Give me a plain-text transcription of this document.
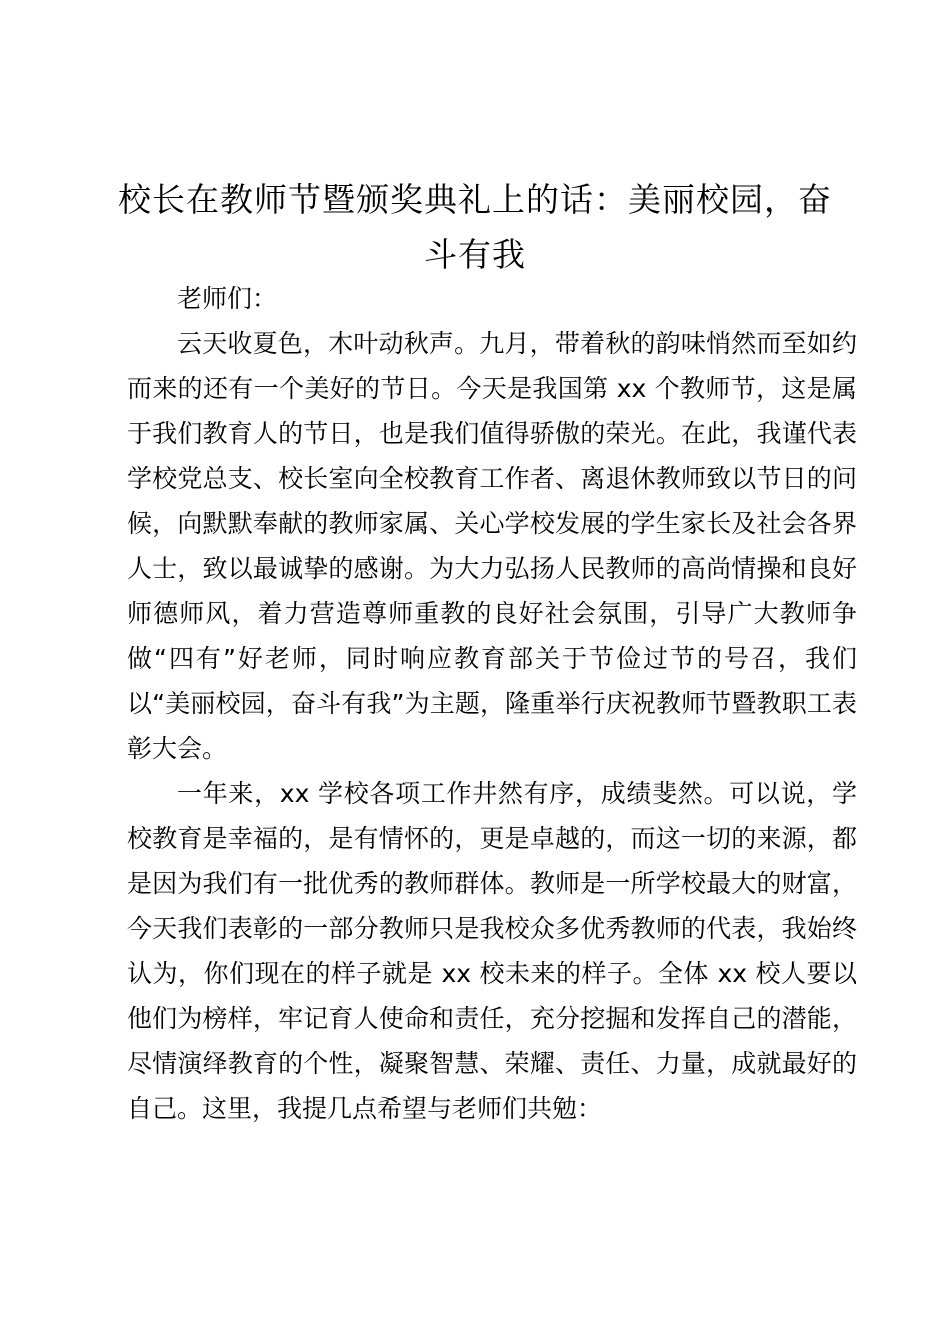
校长在教师节暨颁奖典礼上的话：美丽校园，奋斗有我

老师们：

云天收夏色，木叶动秋声。九月，带着秋的韵味悄然而至如约而来的还有一个美好的节日。今天是我国第 xx 个教师节，这是属于我们教育人的节日，也是我们值得骄傲的荣光。在此，我谨代表学校党总支、校长室向全校教育工作者、离退休教师致以节日的问候，向默默奉献的教师家属、关心学校发展的学生家长及社会各界人士，致以最诚挚的感谢。为大力弘扬人民教师的高尚情操和良好师德师风，着力营造尊师重教的良好社会氛围，引导广大教师争做“四有”好老师，同时响应教育部关于节俭过节的号召，我们以“美丽校园，奋斗有我”为主题，隆重举行庆祝教师节暨教职工表彰大会。

一年来，xx 学校各项工作井然有序，成绩斐然。可以说，学校教育是幸福的，是有情怀的，更是卓越的，而这一切的来源，都是因为我们有一批优秀的教师群体。教师是一所学校最大的财富，今天我们表彰的一部分教师只是我校众多优秀教师的代表，我始终认为，你们现在的样子就是 xx 校未来的样子。全体 xx 校人要以他们为榜样，牢记育人使命和责任，充分挖掘和发挥自己的潜能，尽情演绎教育的个性，凝聚智慧、荣耀、责任、力量，成就最好的自己。这里，我提几点希望与老师们共勉：
